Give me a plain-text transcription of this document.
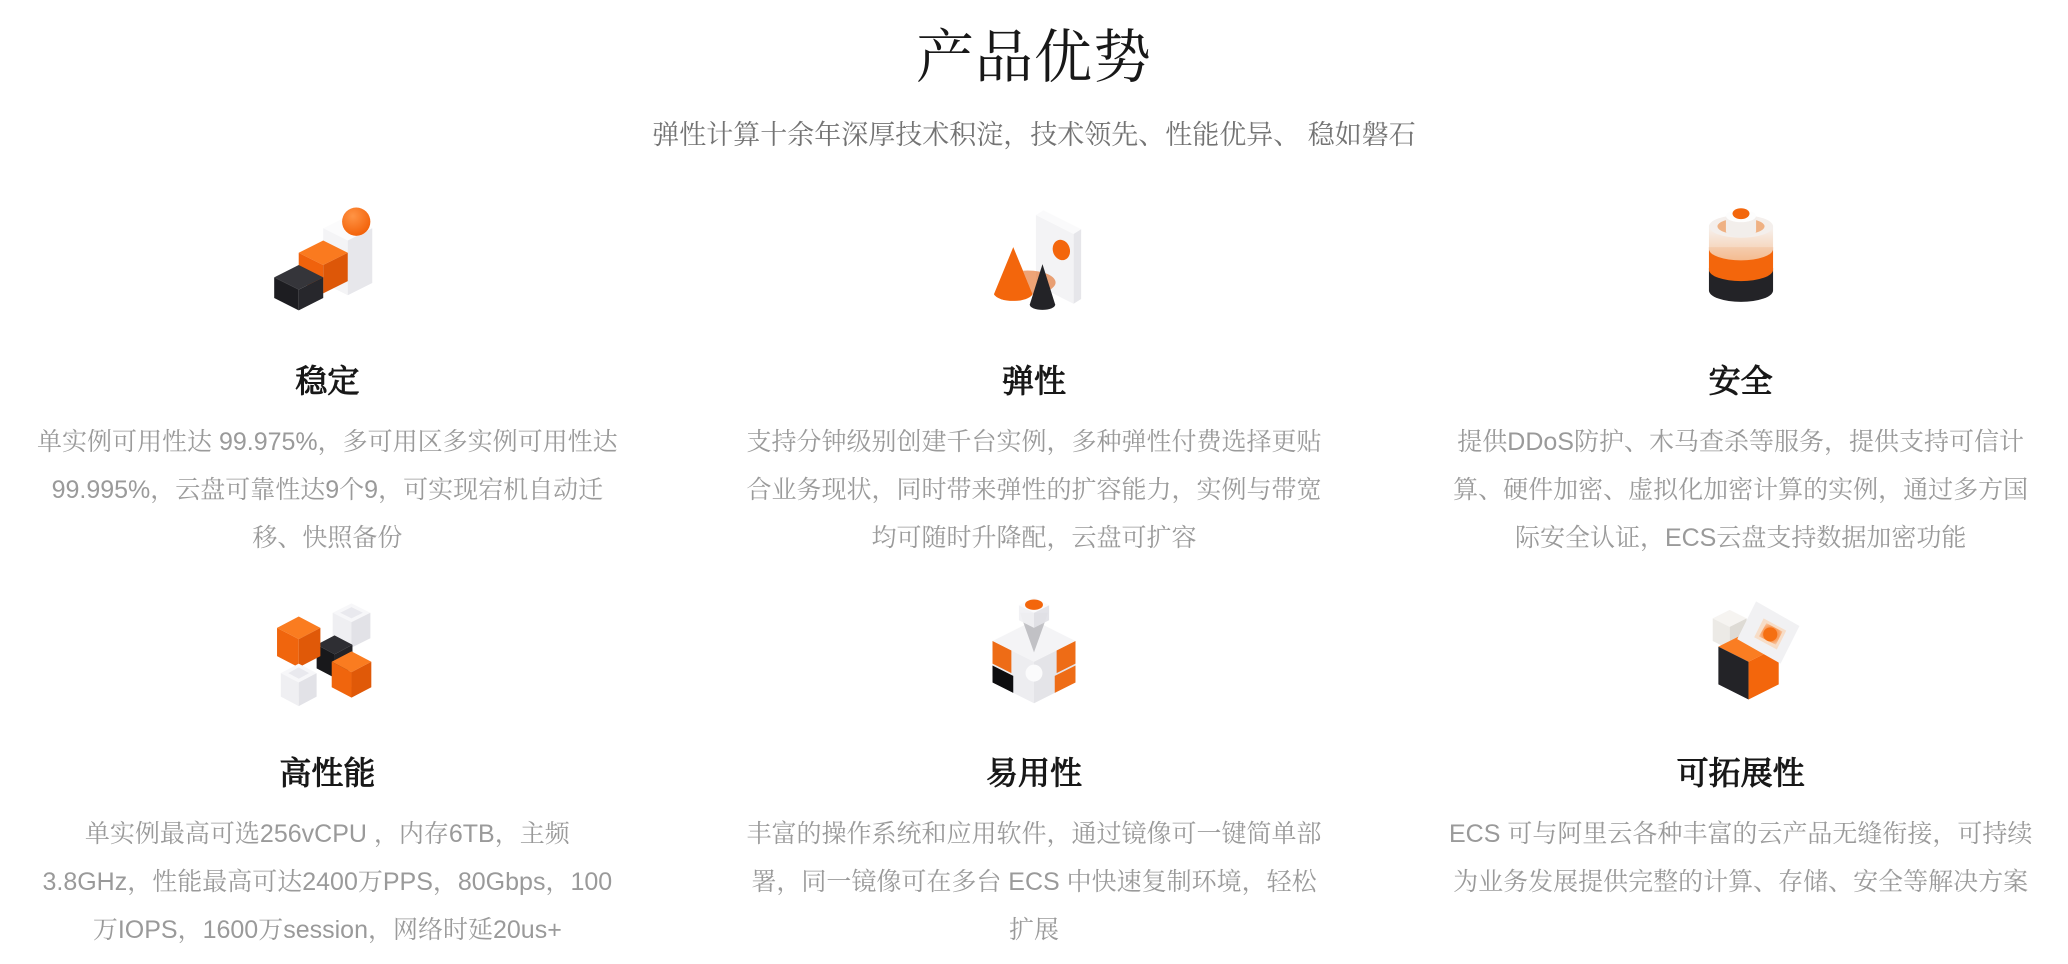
产品优势
弹性计算十余年深厚技术积淀，技术领先、性能优异、 稳如磐石
稳定

单实例可用性达 99.975%，多可用区多实例可用性达 99.995%，云盘可靠性达9个9，可实现宕机自动迁移、快照备份

弹性

支持分钟级别创建千台实例，多种弹性付费选择更贴合业务现状，同时带来弹性的扩容能力，实例与带宽均可随时升降配，云盘可扩容

安全

提供DDoS防护、木马查杀等服务，提供支持可信计算、硬件加密、虚拟化加密计算的实例，通过多方国际安全认证，ECS云盘支持数据加密功能

高性能

单实例最高可选256vCPU ，内存6TB，主频3.8GHz，性能最高可达2400万PPS，80Gbps，100万IOPS，1600万session，网络时延20us+

易用性

丰富的操作系统和应用软件，通过镜像可一键简单部署，同一镜像可在多台 ECS 中快速复制环境，轻松扩展

可拓展性

ECS 可与阿里云各种丰富的云产品无缝衔接，可持续为业务发展提供完整的计算、存储、安全等解决方案
